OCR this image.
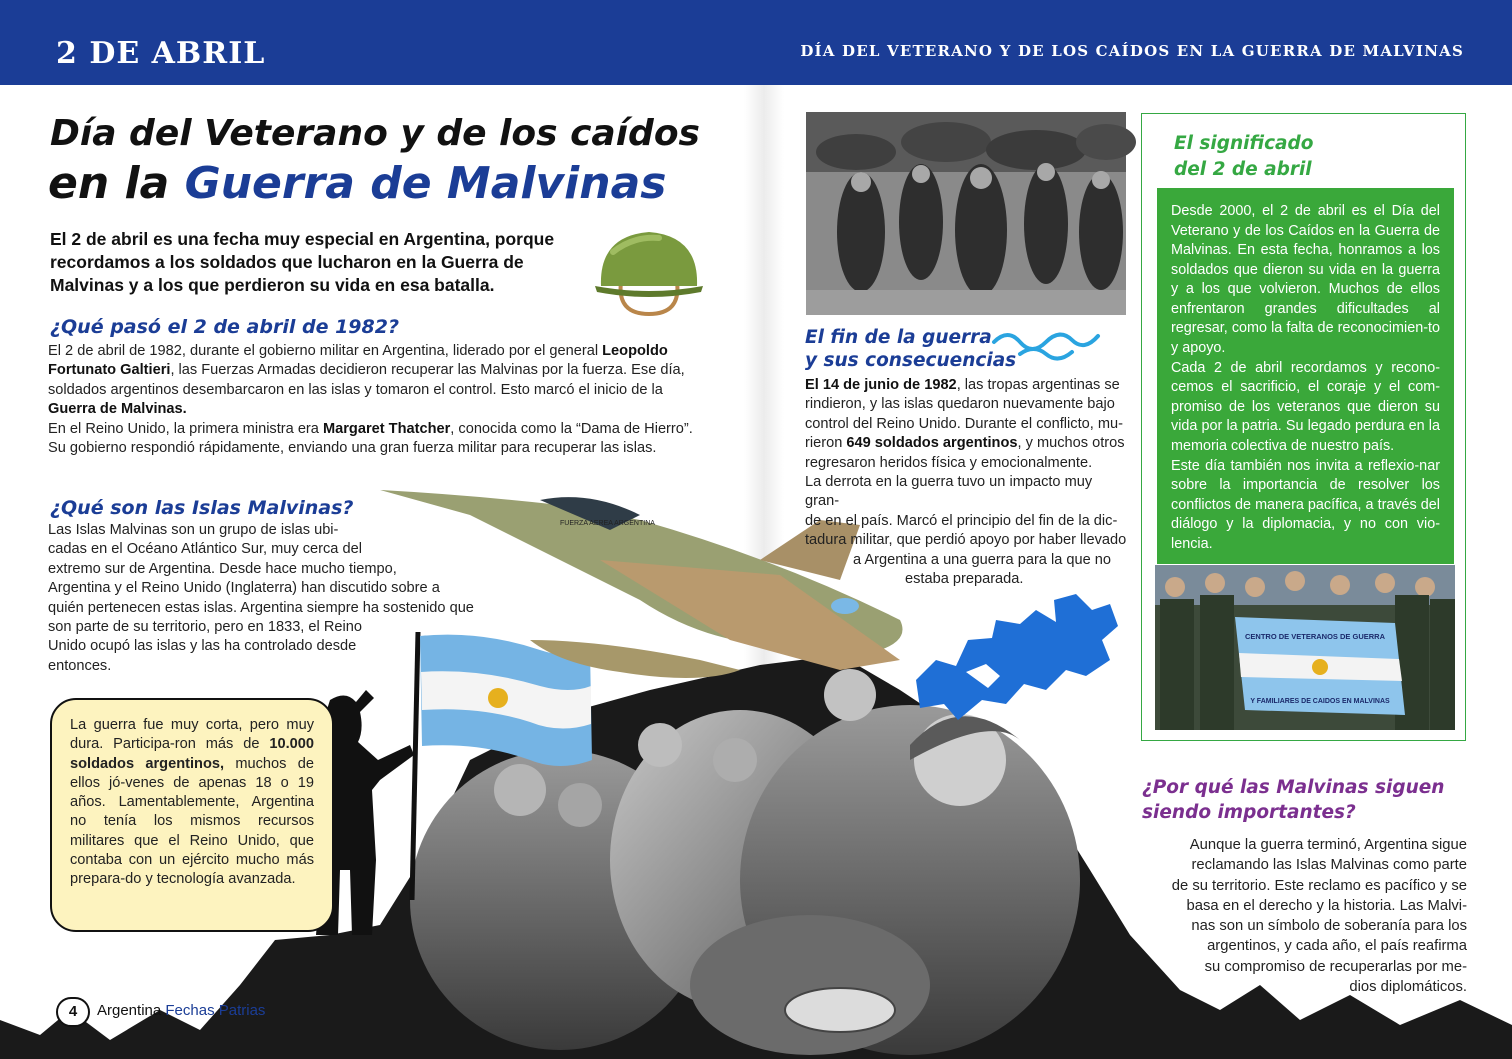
2 DE ABRIL	DÍA DEL VETERANO Y DE LOS CAÍDOS EN LA GUERRA DE MALVINAS
Día del Veterano y de los caídos
en la Guerra de Malvinas
El 2 de abril es una fecha muy especial en Argentina, porque recordamos a los soldados que lucharon en la Guerra de Malvinas y a los que perdieron su vida en esa batalla.
¿Qué pasó el 2 de abril de 1982?

El 2 de abril de 1982, durante el gobierno militar en Argentina, liderado por el general Leopoldo Fortunato Galtieri, las Fuerzas Armadas decidieron recuperar las Malvinas por la fuerza. Ese día, soldados argentinos desembarcaron en las islas y tomaron el control. Esto marcó el inicio de la Guerra de Malvinas.

En el Reino Unido, la primera ministra era Margaret Thatcher, conocida como la “Dama de Hierro”. Su gobierno respondió rápidamente, enviando una gran fuerza militar para recuperar las islas.

¿Qué son las Islas Malvinas?
Las Islas Malvinas son un grupo de islas ubi-
cadas en el Océano Atlántico Sur, muy cerca del
extremo sur de Argentina. Desde hace mucho tiempo,
Argentina y el Reino Unido (Inglaterra) han discutido sobre a
quién pertenecen estas islas. Argentina siempre ha sostenido que
son parte de su territorio, pero en 1833, el Reino
Unido ocupó las islas y las ha controlado desde
entonces.
FUERZA AEREA ARGENTINA
La guerra fue muy corta, pero muy dura. Participa-ron más de 10.000 soldados argentinos, muchos de ellos jó-venes de apenas 18 o 19 años. Lamentablemente, Argentina no tenía los mismos recursos militares que el Reino Unido, que contaba con un ejército mucho más prepara-do y tecnología avanzada.
El fin de la guerra
y sus consecuencias

El 14 de junio de 1982, las tropas argentinas se rindieron, y las islas quedaron nuevamente bajo control del Reino Unido. Durante el conflicto, mu-rieron 649 soldados argentinos, y muchos otros regresaron heridos física y emocionalmente.

La derrota en la guerra tuvo un impacto muy gran-
de en el país. Marcó el principio del fin de la dic-
tadura militar, que perdió apoyo por haber llevado
a Argentina a una guerra para la que no
estaba preparada.
El significado
del 2 de abril

Desde 2000, el 2 de abril es el Día del Veterano y de los Caídos en la Guerra de Malvinas. En esta fecha, honramos a los soldados que dieron su vida en la guerra y a los que volvieron. Muchos de ellos enfrentaron grandes dificultades al regresar, como la falta de reconocimien-to y apoyo.

Cada 2 de abril recordamos y recono-cemos el sacrificio, el coraje y el com-promiso de los veteranos que dieron su vida por la patria. Su legado perdura en la memoria colectiva de nuestro país.

Este día también nos invita a reflexio-nar sobre la importancia de resolver los conflictos de manera pacífica, a través del diálogo y la diplomacia, y no con vio-lencia.

CENTRO DE VETERANOS DE GUERRA
Y FAMILIARES DE CAIDOS EN MALVINAS
¿Por qué las Malvinas siguen
siendo importantes?
Aunque la guerra terminó, Argentina sigue
reclamando las Islas Malvinas como parte
de su territorio. Este reclamo es pacífico y se
basa en el derecho y la historia. Las Malvi-
nas son un símbolo de soberanía para los
argentinos, y cada año, el país reafirma
su compromiso de recuperarlas por me-
dios diplomáticos.
4	Argentina Fechas Patrias
